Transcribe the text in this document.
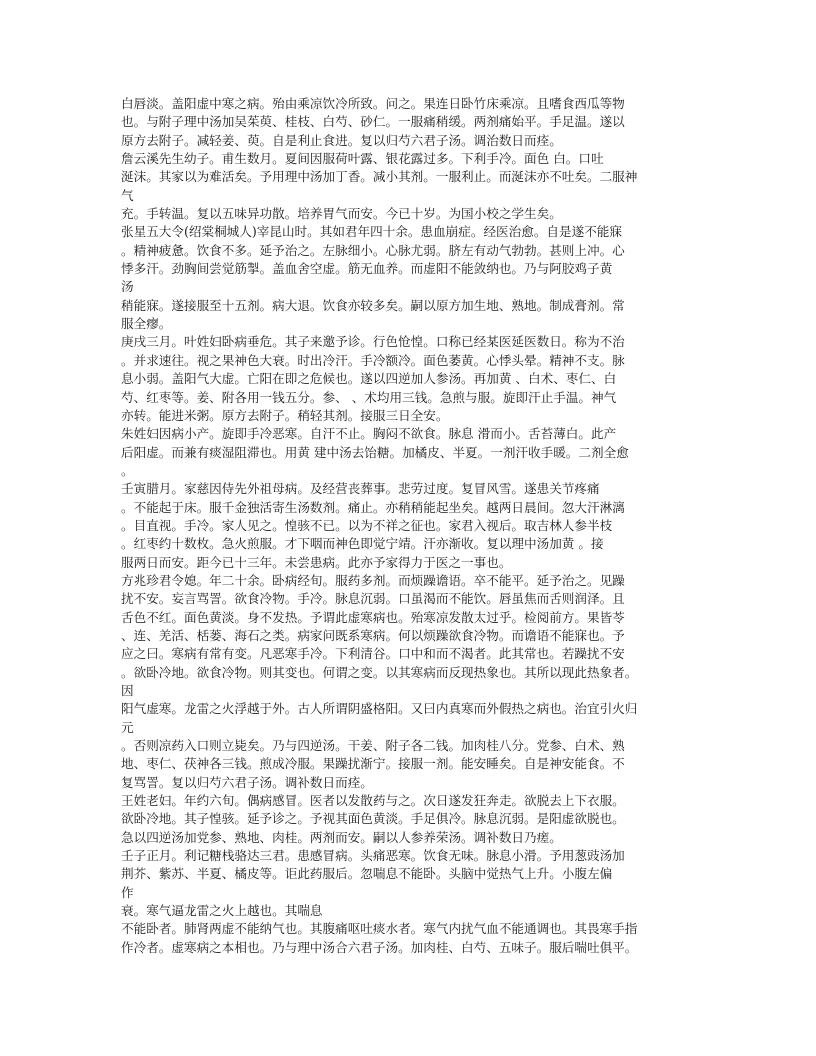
白唇淡。盖阳虚中寒之病。殆由乘凉饮冷所致。问之。果连日卧竹床乘凉。且嗜食西瓜等物
也。与附子理中汤加吴茱萸、桂枝、白芍、砂仁。一服痛稍缓。两剂痛始平。手足温。遂以
原方去附子。减轻姜、萸。自是利止食进。复以归芍六君子汤。调治数日而痊。
詹云溪先生幼子。甫生数月。夏间因服荷叶露、银花露过多。下利手冷。面色 白。口吐
涎沫。其家以为难活矣。予用理中汤加丁香。减小其剂。一服利止。而涎沫亦不吐矣。二服神
气
充。手转温。复以五味异功散。培养胃气而安。今已十岁。为国小校之学生矣。
张星五大令(绍棠桐城人)宰昆山时。其如君年四十余。患血崩症。经医治愈。自是遂不能寐
。精神疲惫。饮食不多。延予治之。左脉细小。心脉尤弱。脐左有动气勃勃。甚则上冲。心
悸多汗。劲胸间尝觉筋掣。盖血舍空虚。筋无血养。而虚阳不能敛纳也。乃与阿胶鸡子黄
汤
稍能寐。遂接服至十五剂。病大退。饮食亦较多矣。嗣以原方加生地、熟地。制成膏剂。常
服全瘳。
庚戌三月。叶姓妇卧病垂危。其子来邀予诊。行色怆惶。口称已经某医延医数日。称为不治
。并求速往。视之果神色大衰。时出冷汗。手冷额冷。面色萎黄。心悸头晕。精神不支。脉
息小弱。盖阳气大虚。亡阳在即之危候也。遂以四逆加人参汤。再加黄 、白术、枣仁、白
芍、红枣等。姜、附各用一钱五分。参、 、术均用三钱。急煎与服。旋即汗止手温。神气
亦转。能进米粥。原方去附子。稍轻其剂。接服三日全安。
朱姓妇因病小产。旋即手冷恶寒。自汗不止。胸闷不欲食。脉息 滑而小。舌苔薄白。此产
后阳虚。而兼有痰湿阻滞也。用黄 建中汤去饴糖。加橘皮、半夏。一剂汗收手暖。二剂全愈
。
壬寅腊月。家慈因侍先外祖母病。及经营丧葬事。悲劳过度。复冒风雪。遂患关节疼痛
。不能起于床。服千金独活寄生汤数剂。痛止。亦稍稍能起坐矣。越两日晨间。忽大汗淋漓
。目直视。手冷。家人见之。惶骇不已。以为不祥之征也。家君入视后。取吉林人参半枝
。红枣约十数枚。急火煎服。才下咽而神色即觉宁靖。汗亦渐收。复以理中汤加黄 。接
服两日而安。距今已十三年。未尝患病。此亦予家得力于医之一事也。
方兆珍君令媳。年二十余。卧病经旬。服药多剂。而烦躁谵语。卒不能平。延予治之。见躁
扰不安。妄言骂詈。欲食冷物。手冷。脉息沉弱。口虽渴而不能饮。唇虽焦而舌则润泽。且
舌色不红。面色黄淡。身不发热。予谓此虚寒病也。殆寒凉发散太过乎。检阅前方。果皆苓
、连、羌活、栝蒌、海石之类。病家问既系寒病。何以烦躁欲食冷物。而谵语不能寐也。予
应之曰。寒病有常有变。凡恶寒手冷。下利清谷。口中和而不渴者。此其常也。若躁扰不安
。欲卧冷地。欲食冷物。则其变也。何谓之变。以其寒病而反现热象也。其所以现此热象者。
因
阳气虚寒。龙雷之火浮越于外。古人所谓阴盛格阳。又曰内真寒而外假热之病也。治宜引火归
元
。否则凉药入口则立毙矣。乃与四逆汤。干姜、附子各二钱。加肉桂八分。党参、白术、熟
地、枣仁、茯神各三钱。煎成冷服。果躁扰渐宁。接服一剂。能安睡矣。自是神安能食。不
复骂詈。复以归芍六君子汤。调补数日而痊。
王姓老妇。年约六旬。偶病感冒。医者以发散药与之。次日遂发狂奔走。欲脱去上下衣服。
欲卧冷地。其子惶骇。延予诊之。予视其面色黄淡。手足俱冷。脉息沉弱。是阳虚欲脱也。
急以四逆汤加党参、熟地、肉桂。两剂而安。嗣以人参养荣汤。调补数日乃瘥。
壬子正月。利记糖栈骆达三君。患感冒病。头痛恶寒。饮食无味。脉息小滑。予用葱豉汤加
荆芥、紫苏、半夏、橘皮等。讵此药服后。忽喘息不能卧。头脑中觉热气上升。小腹左偏
作
衰。寒气逼龙雷之火上越也。其喘息
不能卧者。肺肾两虚不能纳气也。其腹痛呕吐痰水者。寒气内扰气血不能通调也。其畏寒手指
作冷者。虚寒病之本相也。乃与理中汤合六君子汤。加肉桂、白芍、五味子。服后喘吐俱平。
